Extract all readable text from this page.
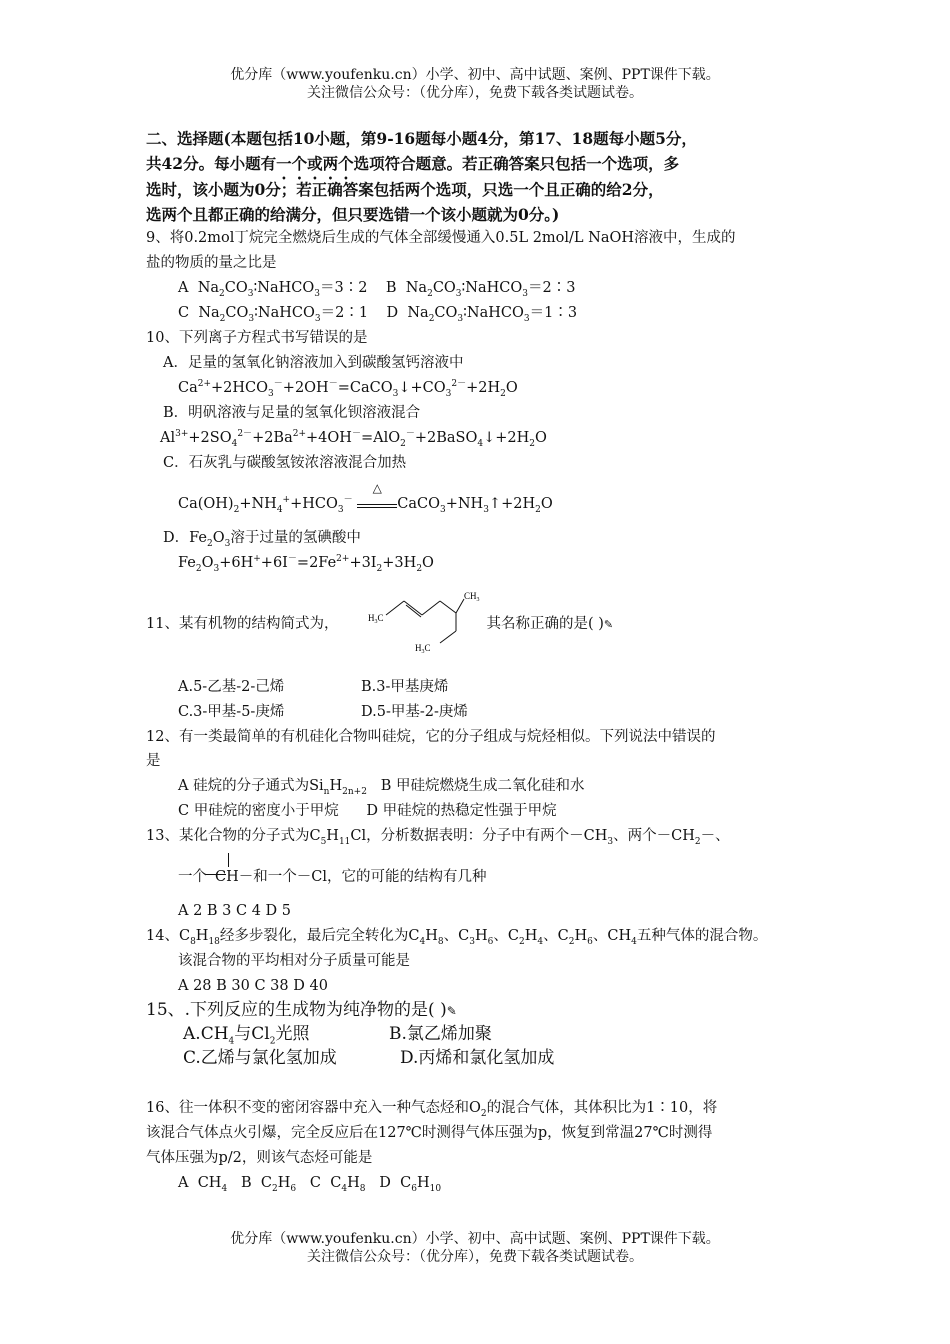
优分库（www.youfenku.cn）小学、初中、高中试题、案例、PPT课件下载。
关注微信公众号：（优分库），免费下载各类试题试卷。
二、选择题(本题包括10小题，第9-16题每小题4分，第17、18题每小题5分，
共42分。每小题有一个或两个选项符合题意。若正确答案只包括一个选项，多
选时，该小题为0分；若正确答案包括两个选项，只选一个且正确的给2分，
选两个且都正确的给满分，但只要选错一个该小题就为0分。)
9、将0.2mol丁烷完全燃烧后生成的气体全部缓慢通入0.5L 2mol/L NaOH溶液中，生成的
盐的物质的量之比是
A  $Na_2CO_3∶NaHCO_3=3∶2$ B  $Na_2CO_3∶NaHCO_3=2∶3$
C  $Na_2CO_3∶NaHCO_3=2∶1$ D  $Na_2CO_3∶NaHCO_3=1∶3$
10、下列离子方程式书写错误的是
A．足量的氢氧化钠溶液加入到碳酸氢钙溶液中
$Ca^{2+}+2HCO_3^-+2OH^-=CaCO_3↓+CO_3^{2-}+2H_2O$
B．明矾溶液与足量的氢氧化钡溶液混合
$Al^{3+}+2SO_4^{2-}+2Ba^{2+}+4OH^-=AlO_2^-+2BaSO_4↓+2H_2O$
C．石灰乳与碳酸氢铵浓溶液混合加热
$Ca(OH)_2+NH_4^++HCO_3^-$
△
$CaCO_3+NH_3↑+2H_2O$
D．$Fe_2O_3$溶于过量的氢碘酸中
$Fe_2O_3+6H^++6I^-=2Fe^{2+}+3I_2+3H_2O$
11、某有机物的结构简式为，	其名称正确的是( )✎
$H_3C$
$CH_3$
$H_3C$
A.5-乙基-2-己烯	B.3-甲基庚烯
C.3-甲基-5-庚烯	D.5-甲基-2-庚烯
12、有一类最简单的有机硅化合物叫硅烷，它的分子组成与烷烃相似。下列说法中错误的
是
A 硅烷的分子通式为$Si_nH_{2n+2}$ B 甲硅烷燃烧生成二氧化硅和水
C 甲硅烷的密度小于甲烷 D 甲硅烷的热稳定性强于甲烷
13、某化合物的分子式为$C_5H_{11}Cl$，分析数据表明：分子中有两个$-CH_3$、两个$-CH_2-$、
一个 CH－和一个－Cl，它的可能的结构有几种
A 2 B 3 C 4 D 5
14、$C_8H_{18}$经多步裂化，最后完全转化为$C_4H_8$、$C_3H_6$、$C_2H_4$、$C_2H_6$、$CH_4$五种气体的混合物。
该混合物的平均相对分子质量可能是
A 28 B 30 C 38 D 40
15、.下列反应的生成物为纯净物的是( )✎
$A.CH_4$与$Cl_2$光照	B.氯乙烯加聚
C.乙烯与氯化氢加成	D.丙烯和氯化氢加成
16、往一体积不变的密闭容器中充入一种气态烃和$O_2$的混合气体，其体积比为1∶10，将
该混合气体点火引爆，完全反应后在127℃时测得气体压强为p，恢复到常温27℃时测得
气体压强为p/2，则该气态烃可能是
A  $CH_4$   B  $C_2H_6$   C  $C_4H_8$   D  $C_6H_{10}$
优分库（www.youfenku.cn）小学、初中、高中试题、案例、PPT课件下载。
关注微信公众号：（优分库），免费下载各类试题试卷。
